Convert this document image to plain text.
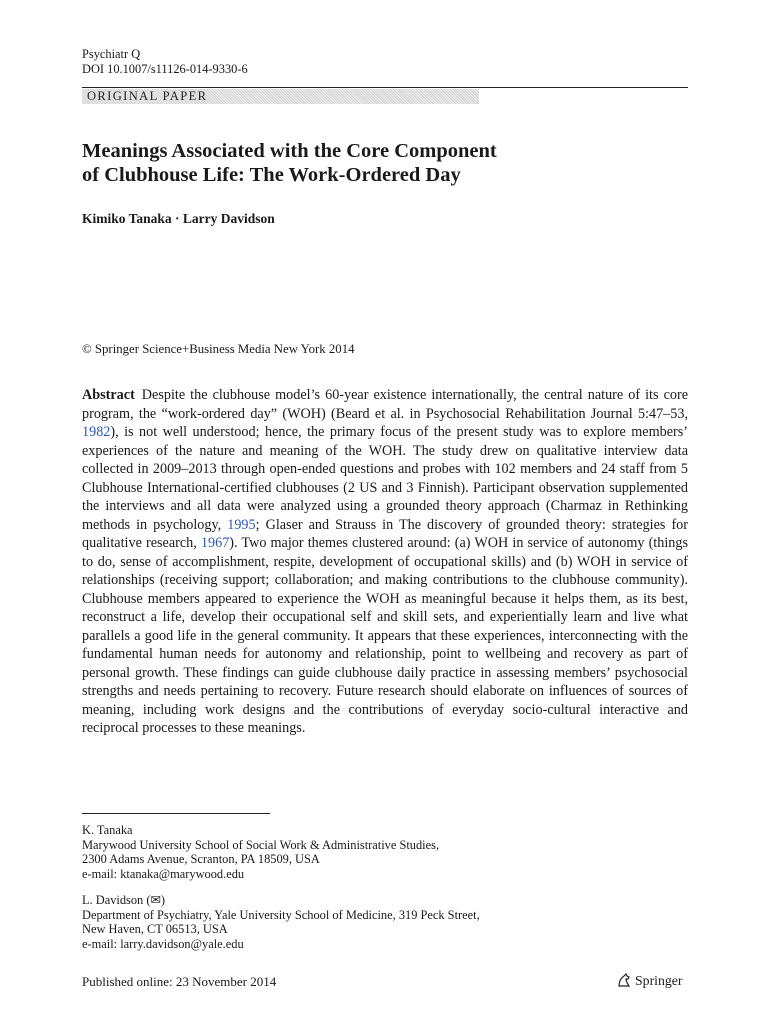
Psychiatr Q
DOI 10.1007/s11126-014-9330-6
ORIGINAL PAPER
Meanings Associated with the Core Component
of Clubhouse Life: The Work-Ordered Day
Kimiko Tanaka · Larry Davidson
© Springer Science+Business Media New York 2014
Abstract Despite the clubhouse model’s 60-year existence internationally, the central nature of its core program, the “work-ordered day” (WOH) (Beard et al. in Psychosocial Rehabilitation Journal 5:47–53, 1982), is not well understood; hence, the primary focus of the present study was to explore members’ experiences of the nature and meaning of the WOH. The study drew on qualitative interview data collected in 2009–2013 through open-ended questions and probes with 102 members and 24 staff from 5 Clubhouse International-certified clubhouses (2 US and 3 Finnish). Participant observation supplemented the interviews and all data were analyzed using a grounded theory approach (Charmaz in Rethinking methods in psychology, 1995; Glaser and Strauss in The discovery of grounded theory: strategies for qualitative research, 1967). Two major themes clustered around: (a) WOH in service of autonomy (things to do, sense of accomplishment, respite, development of occupational skills) and (b) WOH in service of relationships (receiving support; collaboration; and making contributions to the clubhouse community). Clubhouse members appeared to experience the WOH as meaningful because it helps them, as its best, reconstruct a life, develop their occupational self and skill sets, and experientially learn and live what parallels a good life in the general community. It appears that these experiences, interconnecting with the fundamental human needs for autonomy and relationship, point to wellbeing and recovery as part of personal growth. These findings can guide clubhouse daily practice in assessing members’ psychosocial strengths and needs pertaining to recovery. Future research should elaborate on influences of sources of meaning, including work designs and the contributions of everyday socio-cultural interactive and reciprocal processes to these meanings.
K. Tanaka
Marywood University School of Social Work & Administrative Studies,
2300 Adams Avenue, Scranton, PA 18509, USA
e-mail: ktanaka@marywood.edu
L. Davidson (✉)
Department of Psychiatry, Yale University School of Medicine, 319 Peck Street,
New Haven, CT 06513, USA
e-mail: larry.davidson@yale.edu
Published online: 23 November 2014	Springer
